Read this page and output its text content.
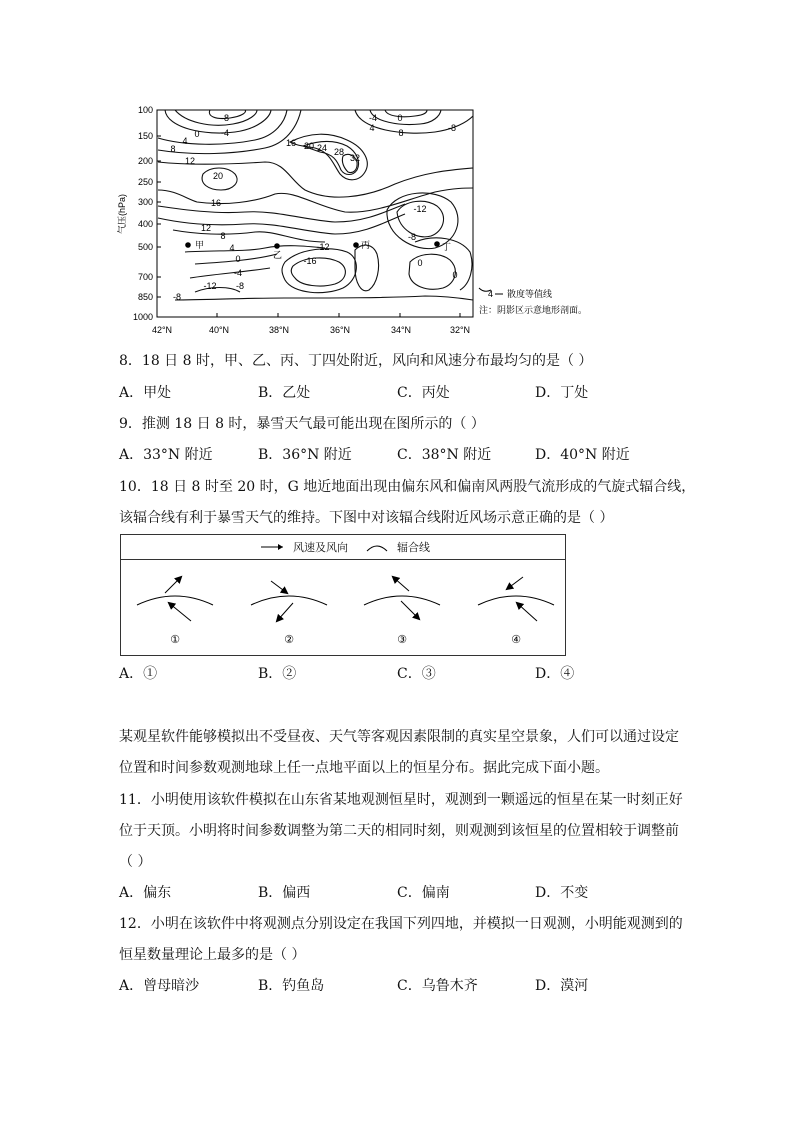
气压(hPa)
100
150
200
250
300
400
500
700
850
1000
42°N	40°N	38°N	36°N	34°N	32°N
-8
-4
0
4
8
12
16 20 24 28
32
20
16
12
8
4
0
-4
-8
-12
-8
-12
-16
-12
-8
0
0
-4 0
4	8	-8
甲
乙
丙	丁
4 散度等值线
注：阴影区示意地形剖面。
8．18 日 8 时，甲、乙、丙、丁四处附近，风向和风速分布最均匀的是（ ）
A．甲处	B．乙处	C．丙处	D．丁处
9．推测 18 日 8 时，暴雪天气最可能出现在图所示的（ ）
A．33°N 附近	B．36°N 附近	C．38°N 附近	D．40°N 附近
10．18 日 8 时至 20 时，G 地近地面出现由偏东风和偏南风两股气流形成的气旋式辐合线，
该辐合线有利于暴雪天气的维持。下图中对该辐合线附近风场示意正确的是（ ）
风速及风向	辐合线
①	②	③	④
A．①	B．②	C．③	D．④
某观星软件能够模拟出不受昼夜、天气等客观因素限制的真实星空景象，人们可以通过设定
位置和时间参数观测地球上任一点地平面以上的恒星分布。据此完成下面小题。
11．小明使用该软件模拟在山东省某地观测恒星时，观测到一颗遥远的恒星在某一时刻正好
位于天顶。小明将时间参数调整为第二天的相同时刻，则观测到该恒星的位置相较于调整前
（ ）
A．偏东	B．偏西	C．偏南	D．不变
12．小明在该软件中将观测点分别设定在我国下列四地，并模拟一日观测，小明能观测到的
恒星数量理论上最多的是（ ）
A．曾母暗沙	B．钓鱼岛	C．乌鲁木齐	D．漠河
